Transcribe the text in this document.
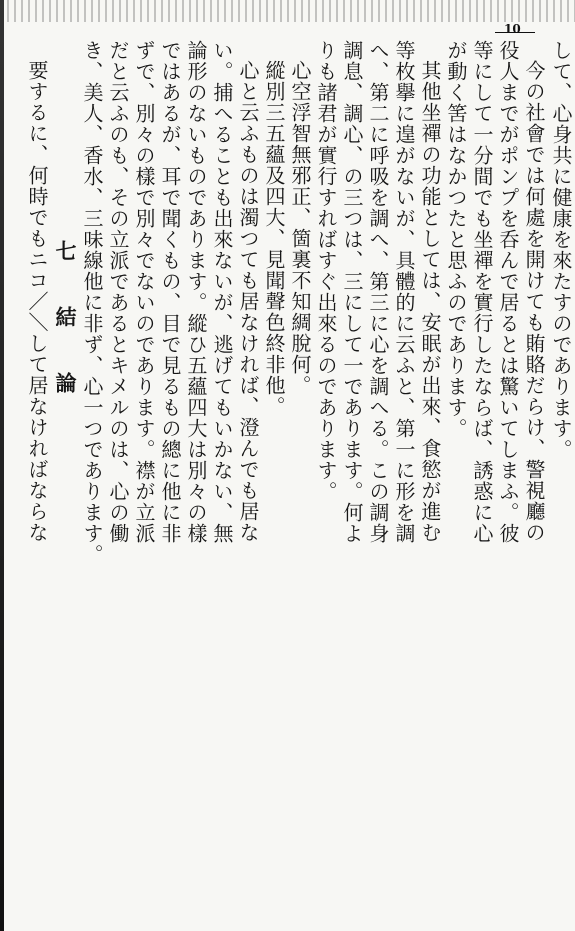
10
して、心身共に健康を來たすのであります。
今の社會では何處を開けても賄賂だらけ、警視廳の
役人までがポンプを呑んで居るとは驚いてしまふ。彼
等にして一分間でも坐禪を實行したならば、誘惑に心
が動く筈はなかつたと思ふのであります。
其他坐禪の功能としては、安眠が出來、食慾が進む
等枚擧に遑がないが、具體的に云ふと、第一に形を調
へ、第二に呼吸を調へ、第三に心を調へる。この調身
調息、調心、の三つは、三にして一であります。何よ
りも諸君が實行すればすぐ出來るのであります。
心空浮智無邪正、箇裏不知綢脫何。
縱別三五蘊及四大、見聞聲色終非他。
心と云ふものは濁つても居なければ、澄んでも居な
い。捕へることも出來ないが、逃げてもいかない、無
論形のないものであります。縱ひ五蘊四大は別々の樣
ではあるが、耳で聞くもの、目で見るもの總に他に非
ずで、別々の樣で別々でないのであります。襟が立派
だと云ふのも、その立派であるとキメルのは、心の働
き、美人、香水、三味線他に非ず、心一つであります。
七 結 論
要するに、何時でもニコ／＼して居なければならな
